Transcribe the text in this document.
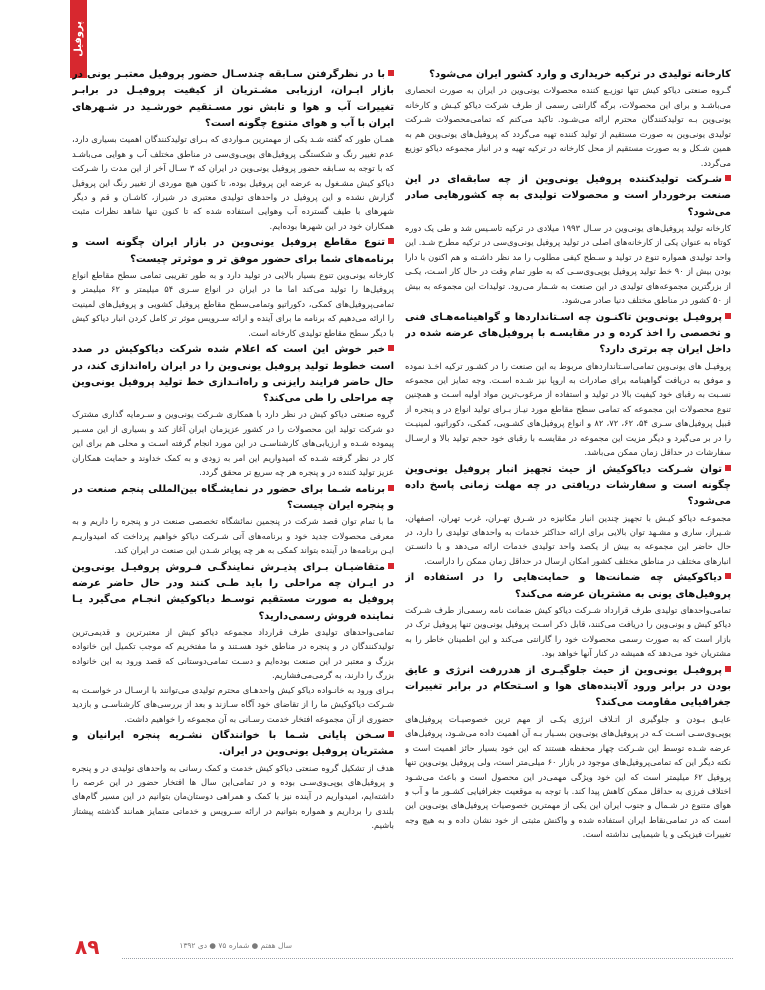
پروفیل
کارخانه تولیدی در ترکیه خریداری و وارد کشور ایران می‌شود؟
گـروه صنعتی دیاکو کیش تنها توزیـع کننده محصولات یونی‌وین در ایران به صورت انحصاری می‌باشـد و برای این محصولات، برگه گارانتی رسمی از طرف شرکت دیاکو کیـش و کارخانه یونی‌وین بـه تولیدکنندگان محترم ارائه می‌شـود. تاکید می‌کنم که تمامی‌محصولات شـرکت تولیدی یونی‌وین به صورت مستقیم از تولید کننده تهیه می‌گردد که پروفیل‌های یونی‌وین هم به همین شـکل و به صورت مستقیم از محل کارخانه در ترکیه تهیه و در انبار مجموعه دیاکو توزیع می‌گردد.
شـرکت تولیدکننده پروفیل یونی‌وین از چه سابقه‌ای در این صنعت برخوردار است و محصولات تولیدی به چه کشورهایی صادر می‌شود؟
کارخانه تولید پروفیل‌های یونی‌وین در سـال ۱۹۹۳ میلادی در ترکیه تاسـیس شد و طی یک دوره کوتاه به عنوان یکی از کارخانه‌های اصلی در تولید پروفیل یونی‌وی‌سی در ترکیه مطرح شـد. این واحد تولیدی همواره تنوع در تولید و سـطح کیفی مطلوب را مد نظر داشـته و هم اکنون با دارا بودن بیش از ۹۰ خط تولید پروفیل یوپی‌وی‌سـی که به طور تمام وقت در حال کار اسـت، یکـی از بزرگترین مجموعه‌های تولیدی در این صنعت به شـمار می‌رود. تولیدات این مجموعه به بیش از ۵۰ کشور در مناطق مختلف دنیا صادر می‌شود.
پروفیـل یونی‌وین تاکنـون چه اسـتانداردها و گواهینامه‌هـای فنی و تخصصی را اخذ کرده و در مقایسـه با پروفیل‌های عرضه شده در داخل ایران چه برتری دارد؟
پروفیـل های یونی‌وین تمامی‌اسـتانداردهای مربوط به این صنعت را در کشـور ترکیه اخـذ نموده و موفق به دریافت گواهینامه برای صادرات به اروپا نیز شـده اسـت. وجه تمایز این مجموعه نسـبت به رقبای خود کیفیت بالا در تولید و استفاده از مرغوب‌ترین مواد اولیه اسـت و همچنین تنوع محصولات این مجموعه که تمامی سطح مقاطع مورد نیـاز بـرای تولید انواع در و پنجره از قبیل پروفیل‌های سـری ۵۴، ۶۲، ۷۲، ۸۲ و انواع پروفیل‌های کشـویی، کمکی، دکوراتیو، لمینیـت را در بر می‌گیرد و دیگر مزیت این مجموعه در مقایسـه با رقبای خود حجم تولید بالا و ارسـال سفارشات در حداقل زمان ممکن می‌باشد.
توان شـرکت دیاکوکیش از حیث تجهیز انبار پروفیل یونی‌وین چگونه است و سفارشات دریافتی در چه مهلت زمانی پاسخ داده می‌شود؟
مجموعـه دیاکو کیـش با تجهیز چندین انبار مکانیزه در شـرق تهـران، غرب تهران، اصفهان، شـیراز، ساری و مشـهد توان بالایی برای ارائه حداکثر خدمات به واحدهای تولیدی را دارد، در حال حاضر این مجموعه به بیش از یکصد واحد تولیدی خدمات ارائه می‌دهد و با دانسـتن انبارهای مختلف در مناطق مختلف کشور امکان ارسال در حداقل زمان ممکن را داراست.
دیاکوکیش چه ضمانت‌ها و حمایت‌هایی را در استفاده از پروفیل‌های یونی به مشتریان عرضه می‌کند؟
تمامی‌واحدهای تولیدی طرف قرارداد شـرکت دیاکو کیش ضمانت نامه رسمی‌از طرف شـرکت دیاکو کیش و یونی‌وین را دریافت می‌کنند، قابل ذکر اسـت پروفیل یونی‌وین تنها پروفیل ترک در بازار است که به صورت رسمی محصولات خود را گارانتی می‌کند و این اطمینان خاطر را به مشتریان خود می‌دهد که همیشه در کنار آنها خواهد بود.
پروفیـل یونی‌وین از حیث جلوگیـری از هدررفت انرژی و عایق بودن در برابر ورود آلاینده‌های هوا و اسـتحکام در برابر تغییرات جغرافیایی مقاومت می‌کند؟
عایـق بـودن و جلوگیری از اتـلاف انرژی یکـی از مهم ترین خصوصیـات پروفیل‌های یوپی‌وی‌سـی اسـت کـه در پروفیل‌های یونی‌وین بسـیار بـه آن اهمیت داده می‌شـود، پروفیل‌های عرضه شـده توسط این شـرکت چهار محفظه هستند که این خود بسیار حائز اهمیت است و نکته دیگر این که تمامی‌پروفیل‌های موجود در بازار ۶۰ میلی‌متر است، ولی پروفیل یونی‌وین تنها پروفیل ۶۲ میلیمتر است که این خود ویژگی مهمی‌در این محصول است و باعث می‌شـود اختلاف فرزی به حداقل ممکن کاهش پیدا کند. با توجه به موقعیت جغرافیایی کشـور ما و آب و هوای متنوع در شـمال و جنوب ایران این یکی از مهمترین خصوصیات پروفیل‌های یونی‌وین این است که در تمامی‌نقاط ایران استفاده شده و واکنش مثبتی از خود نشان داده و به هیچ وجه تغییرات فیزیکی و یا شیمیایی نداشته است.
با در نظرگرفتن سـابقه چندسـال حضور پروفیل معتبـر یونی در بازار ایـران، ارزیابی مشـتریان از کیفیت پروفیـل در برابـر تغییرات آب و هوا و تابش نور مسـتقیم خورشـید در شـهرهای ایران با آب و هوای متنوع چگونه است؟
همـان طور که گفته شـد یکی از مهمترین مـواردی که بـرای تولیدکنندگان اهمیت بسیاری دارد، عدم تغییر رنگ و شکستگی پروفیل‌های یوپی‌وی‌سی در مناطق مختلف آب و هوایی می‌باشـد که با توجه به سـابقه حضور پروفیل یونی‌وین در ایران که ۳ سـال آخر از این مدت را شـرکت دیاکو کیش مشـغول به عرضه این پروفیل بوده، تا کنون هیچ موردی از تغییر رنگ این پروفیل گزارش نشده و این پروفیل در واحدهای تولیدی معتبری در شیراز، کاشـان و قم و دیگر شهرهای با طیف گسترده آب وهوایی استفاده شده که تا کنون تنها شاهد نظرات مثبت همکاران خود در این شهرها بوده‌ایم.
تنوع مقاطع پروفیل یونی‌وین در بازار ایران چگونه است و برنامه‌های شما برای حضور موفق تر و موثرتر چیست؟
کارخانه یونی‌وین تنوع بسیار بالایی در تولید دارد و به طور تقریبی تمامی سطح مقاطع انواع پروفیل‌ها را تولید می‌کند اما ما در ایران در انواع سـری ۵۴ میلیمتر و ۶۲ میلیمتر و تمامی‌پروفیل‌های کمکی، دکوراتیو وتمامی‌سطح مقاطع پروفیل کشویی و پروفیل‌های لمینیت را ارائه می‌دهیم که برنامه ما برای آینده و ارائه سـرویس موثر تر کامل کردن انبار دیاکو کیش با دیگر سطح مقاطع تولیدی کارخانه است.
خبر خوش این است که اعلام شده شرکت دیاکوکیش در صدد است خطوط تولید پروفیل یونی‌وین را در ایران راه‌اندازی کند، در حال حاضر فرایند رایزنی و راه‌انـدازی خط تولید پروفیل یونی‌وین چه مراحلی را طی می‌کند؟
گروه صنعتی دیاکو کیش در نظر دارد با همکاری شـرکت یونی‌وین و سـرمایه گذاری مشترک دو شرکت تولید این محصولات را در کشور عزیزمان ایران آغاز کند و بسیاری از این مسـیر پیموده شـده و ارزیابی‌های کارشناسـی در این مورد انجام گرفته اسـت و محلی هم برای این کار در نظر گرفته شـده که امیدواریم این امر به زودی و به کمک خداوند و حمایت همکاران عزیز تولید کننده در و پنجره هر چه سریع تر محقق گردد.
برنامه شـما برای حضور در نمایشـگاه بین‌المللی پنجم صنعت در و پنجره ایران چیست؟
ما با تمام توان قصد شرکت در پنجمین نمائشگاه تخصصی صنعت در و پنجره را داریم و به معرفی محصولات جدید خود و برنامه‌های آتی شـرکت دیاکو خواهیم پرداخت که امیدواریـم ایـن برنامه‌ها در آینده بتواند کمکی به هر چه پویاتر شـدن این صنعت در ایران کند.
متقاضیـان بـرای پذیـرش نمایندگـی فـروش پروفیـل یونی‌وین در ایـران چه مراحلی را باید طـی کنند ودر حال حاضر عرضه پروفیل به صورت مستقیم توسـط دیاکوکیش انجـام می‌گیرد یـا نماینده فروش رسمی‌دارید؟
تمامی‌واحدهای تولیدی طرف قرارداد مجموعه دیاکو کیش از معتبرترین و قدیمی‌ترین تولیدکنندگان در و پنجره در مناطق خود هسـتند و ما مفتخریم که موجب تکمیل این خانواده بزرگ و معتبر در این صنعت بوده‌ایم و دسـت تمامی‌دوستانی که قصد ورود به این خانواده بزرگ را دارند، به گرمی‌می‌فشاریم.
بـرای ورود به خانـواده دیاکو کیش واحدهـای محترم تولیدی می‌توانند با ارسـال در خواسـت به شـرکت دیاکوکیش ما را از تقاضای خود آگاه سـازند و بعد از بررسی‌های کارشناسـی و بازدید حضوری از آن مجموعه افتخار خدمت رسـانی به آن مجموعه را خواهیم داشت.
سـخن پایانی شـما با خوانندگان نشـریه پنجره ایرانیان و مشتریان پروفیل یونی‌وین در ایران.
هدف از تشکیل گروه صنعتی دیاکو کیش خدمت و کمک رسانی به واحدهای تولیدی در و پنجره و پروفیل‌های یوپی‌وی‌سـی بوده و در تمامی‌این سال ها افتخار حضور در این عرصه را داشته‌ایم، امیدواریم در آینده نیز با کمک و همراهی دوستان‌مان بتوانیم در این مسیر گام‌های بلندی را برداریم و همواره بتوانیم در ارائه سـرویس و خدماتی متمایز همانند گذشته پیشتاز باشیم.
۸۹	سال هفتم ● شماره ۷۵ ● دی ۱۳۹۲
